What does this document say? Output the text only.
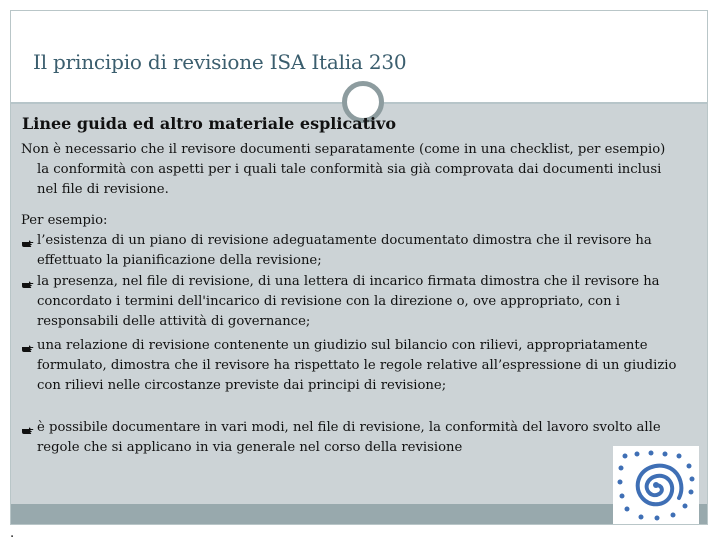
Il principio di revisione ISA Italia 230
Linee guida ed altro materiale esplicativo
Non è necessario che il revisore documenti separatamente (come in una checklist, per esempio) la conformità con aspetti per i quali tale conformità sia già comprovata dai documenti inclusi nel file di revisione.
Per esempio:
l’esistenza di un piano di revisione adeguatamente documentato dimostra che il revisore ha effettuato la pianificazione della revisione;
la presenza, nel file di revisione, di una lettera di incarico firmata dimostra che il revisore ha concordato i termini dell'incarico di revisione con la direzione o, ove appropriato, con i responsabili delle attività di governance;
una relazione di revisione contenente un giudizio sul bilancio con rilievi, appropriatamente formulato, dimostra che il revisore ha rispettato le regole relative all’espressione di un giudizio con rilievi nelle circostanze previste dai principi di revisione;
è possibile documentare in vari modi, nel file di revisione, la conformità del lavoro svolto alle regole che si applicano in via generale nel corso della revisione
.
